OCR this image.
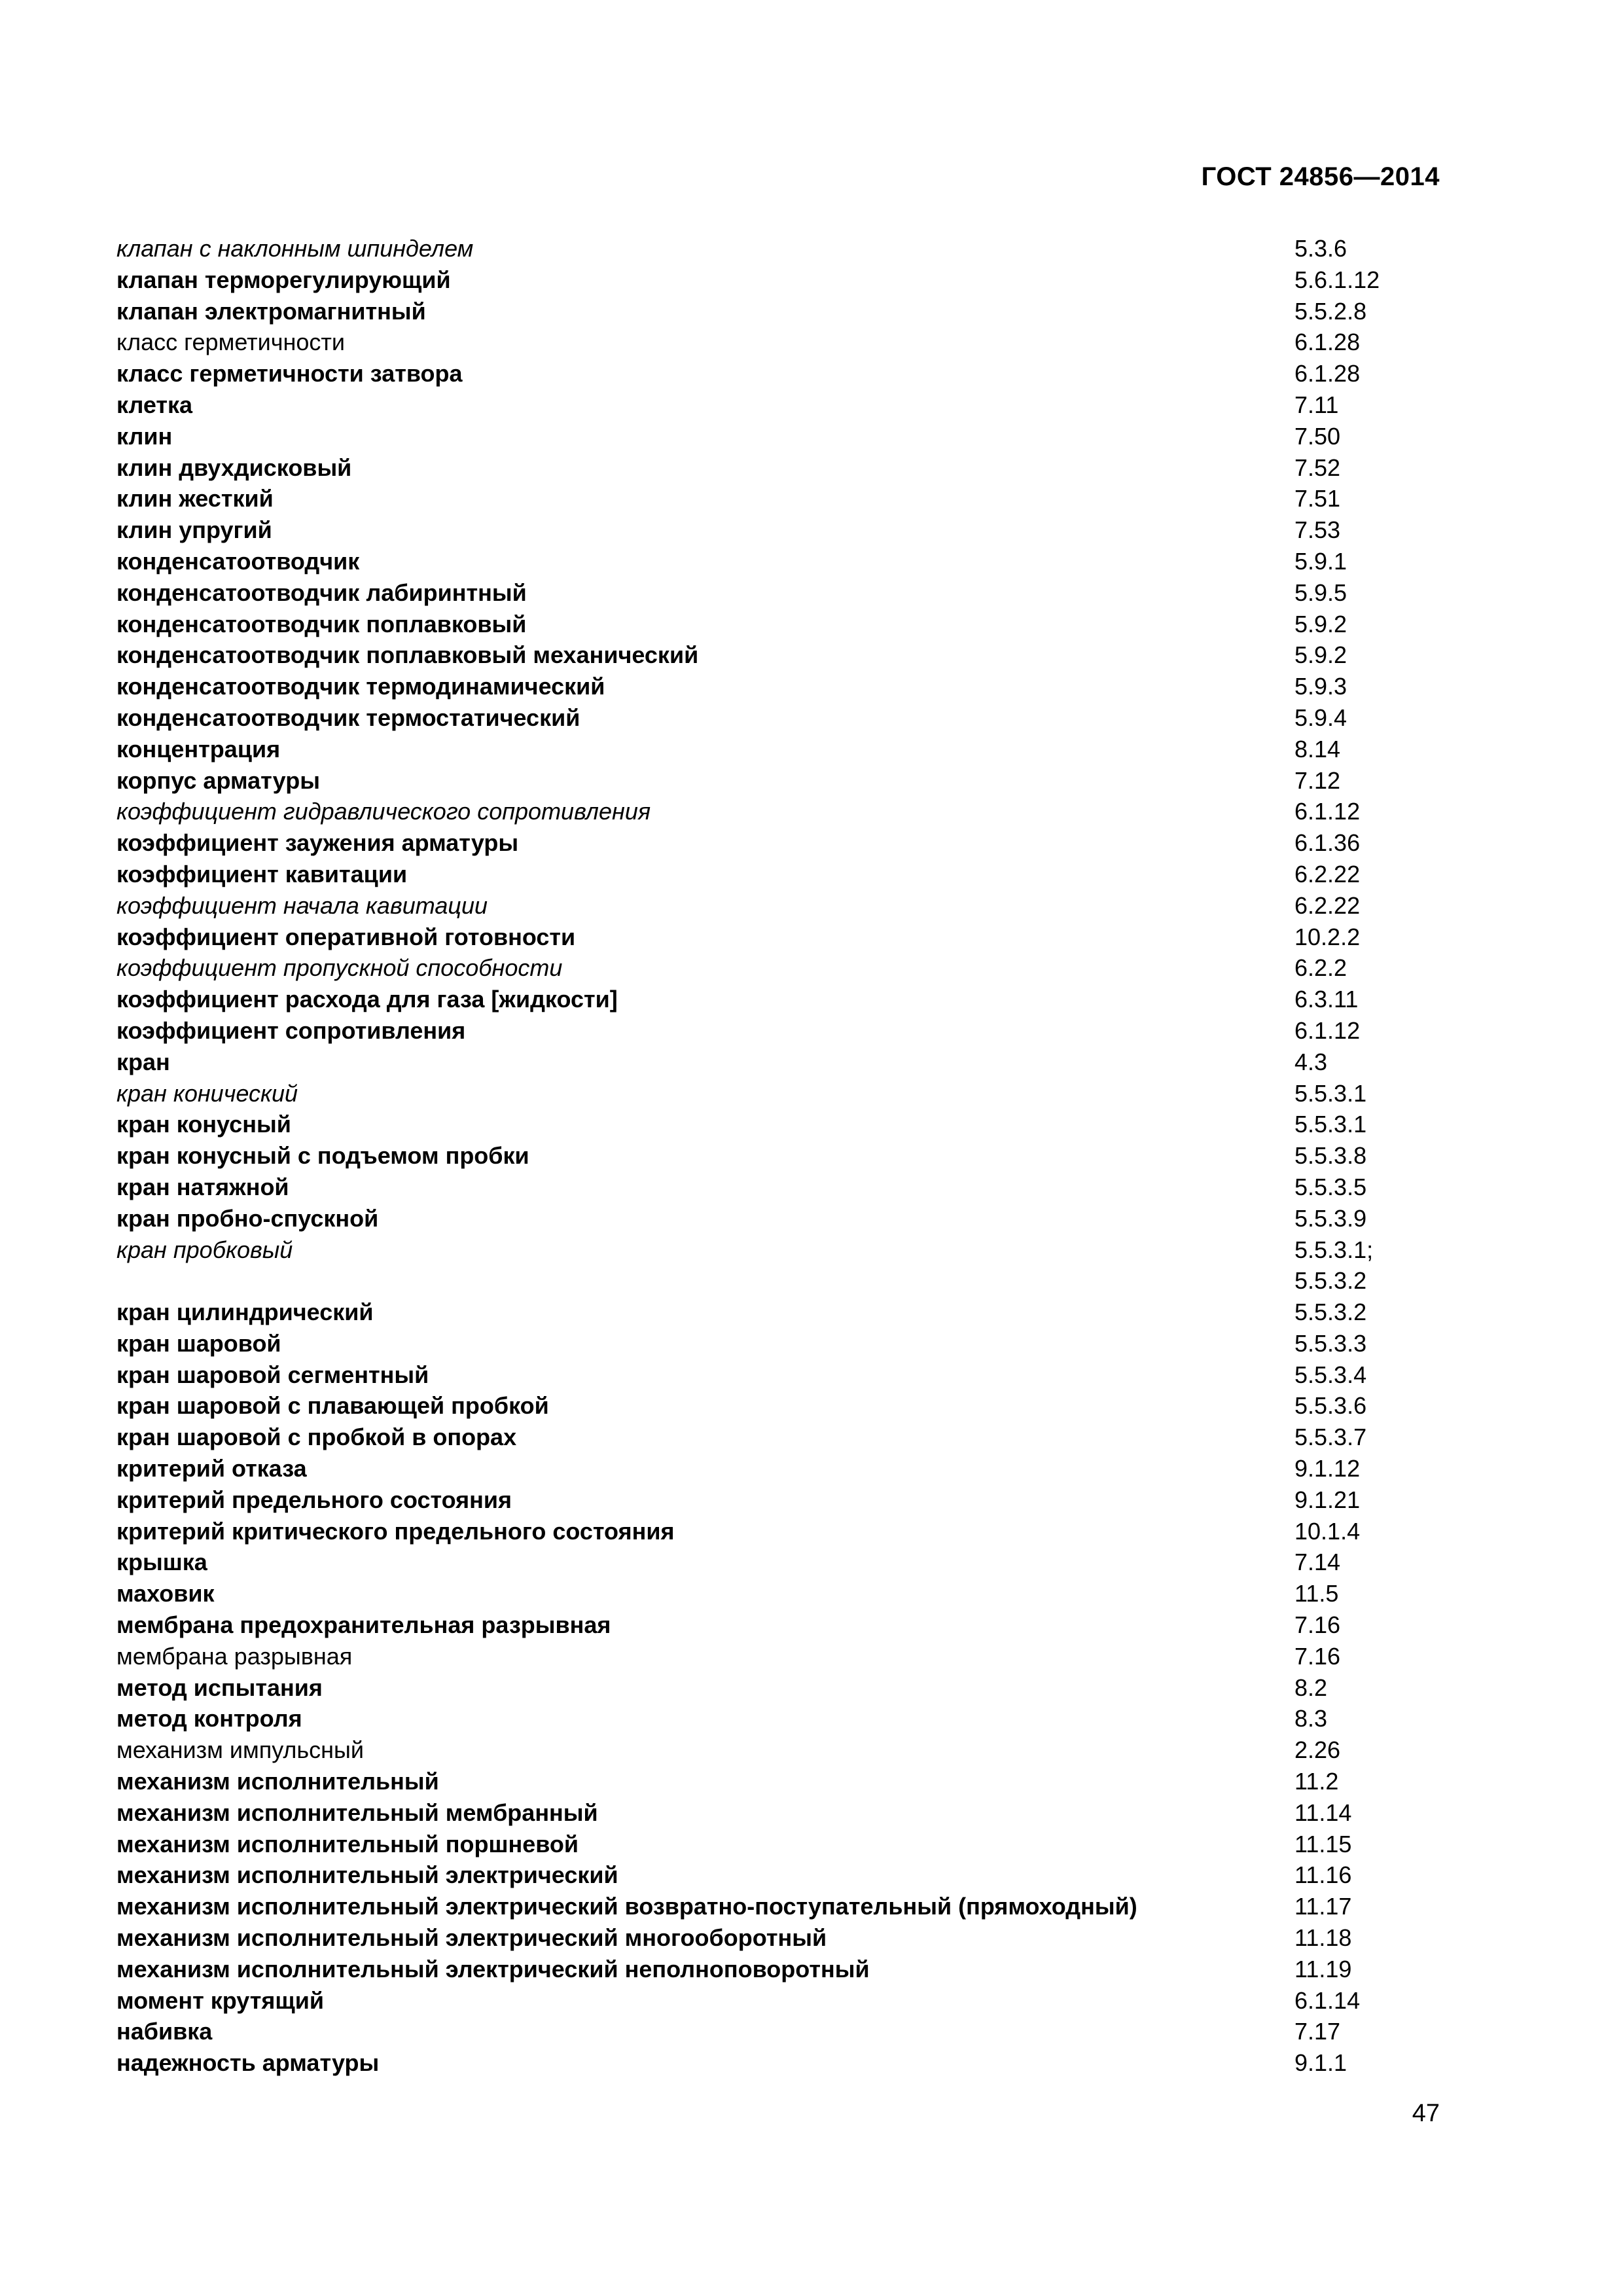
ГОСТ 24856—2014
клапан с наклонным шпинделем	5.3.6
клапан терморегулирующий	5.6.1.12
клапан электромагнитный	5.5.2.8
класс герметичности	6.1.28
класс герметичности затвора	6.1.28
клетка	7.11
клин	7.50
клин двухдисковый	7.52
клин жесткий	7.51
клин упругий	7.53
конденсатоотводчик	5.9.1
конденсатоотводчик лабиринтный	5.9.5
конденсатоотводчик поплавковый	5.9.2
конденсатоотводчик поплавковый механический	5.9.2
конденсатоотводчик термодинамический	5.9.3
конденсатоотводчик термостатический	5.9.4
концентрация	8.14
корпус арматуры	7.12
коэффициент гидравлического сопротивления	6.1.12
коэффициент заужения арматуры	6.1.36
коэффициент кавитации	6.2.22
коэффициент начала кавитации	6.2.22
коэффициент оперативной готовности	10.2.2
коэффициент пропускной способности	6.2.2
коэффициент расхода для газа [жидкости]	6.3.11
коэффициент сопротивления	6.1.12
кран	4.3
кран конический	5.5.3.1
кран конусный	5.5.3.1
кран конусный с подъемом пробки	5.5.3.8
кран натяжной	5.5.3.5
кран пробно-спускной	5.5.3.9
кран пробковый	5.5.3.1;
5.5.3.2
кран цилиндрический	5.5.3.2
кран шаровой	5.5.3.3
кран шаровой сегментный	5.5.3.4
кран шаровой с плавающей пробкой	5.5.3.6
кран шаровой с пробкой в опорах	5.5.3.7
критерий отказа	9.1.12
критерий предельного состояния	9.1.21
критерий критического предельного состояния	10.1.4
крышка	7.14
маховик	11.5
мембрана предохранительная разрывная	7.16
мембрана разрывная	7.16
метод испытания	8.2
метод контроля	8.3
механизм импульсный	2.26
механизм исполнительный	11.2
механизм исполнительный мембранный	11.14
механизм исполнительный поршневой	11.15
механизм исполнительный электрический	11.16
механизм исполнительный электрический возвратно-поступательный (прямоходный)	11.17
механизм исполнительный электрический многооборотный	11.18
механизм исполнительный электрический неполноповоротный	11.19
момент крутящий	6.1.14
набивка	7.17
надежность арматуры	9.1.1
47
